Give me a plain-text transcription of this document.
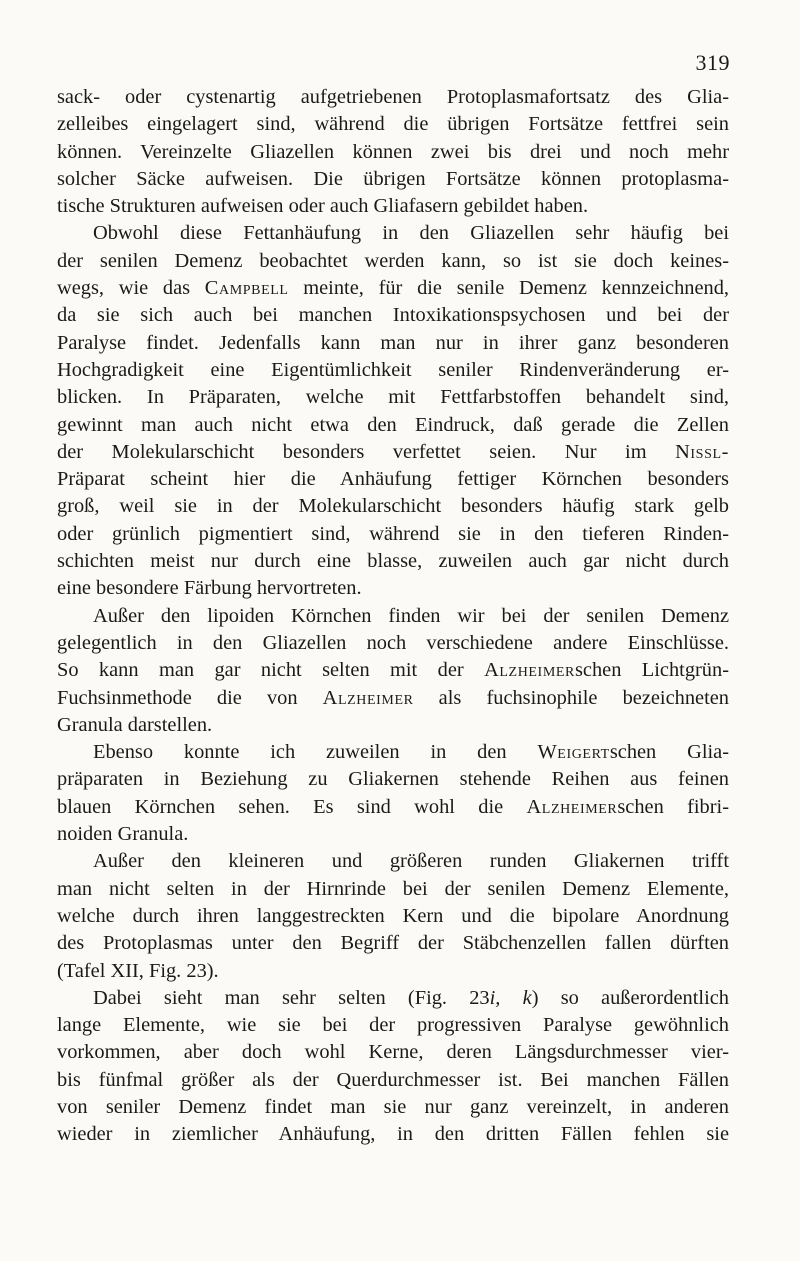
319
sack- oder cystenartig aufgetriebenen Protoplasmafortsatz des Glia-
zelleibes eingelagert sind, während die übrigen Fortsätze fettfrei sein
können. Vereinzelte Gliazellen können zwei bis drei und noch mehr
solcher Säcke aufweisen. Die übrigen Fortsätze können protoplasma-
tische Strukturen aufweisen oder auch Gliafasern gebildet haben.
Obwohl diese Fettanhäufung in den Gliazellen sehr häufig bei
der senilen Demenz beobachtet werden kann, so ist sie doch keines-
wegs, wie das Campbell meinte, für die senile Demenz kennzeichnend,
da sie sich auch bei manchen Intoxikationspsychosen und bei der
Paralyse findet. Jedenfalls kann man nur in ihrer ganz besonderen
Hochgradigkeit eine Eigentümlichkeit seniler Rindenveränderung er-
blicken. In Präparaten, welche mit Fettfarbstoffen behandelt sind,
gewinnt man auch nicht etwa den Eindruck, daß gerade die Zellen
der Molekularschicht besonders verfettet seien. Nur im Nissl-
Präparat scheint hier die Anhäufung fettiger Körnchen besonders
groß, weil sie in der Molekularschicht besonders häufig stark gelb
oder grünlich pigmentiert sind, während sie in den tieferen Rinden-
schichten meist nur durch eine blasse, zuweilen auch gar nicht durch
eine besondere Färbung hervortreten.
Außer den lipoiden Körnchen finden wir bei der senilen Demenz
gelegentlich in den Gliazellen noch verschiedene andere Einschlüsse.
So kann man gar nicht selten mit der Alzheimerschen Lichtgrün-
Fuchsinmethode die von Alzheimer als fuchsinophile bezeichneten
Granula darstellen.
Ebenso konnte ich zuweilen in den Weigertschen Glia-
präparaten in Beziehung zu Gliakernen stehende Reihen aus feinen
blauen Körnchen sehen. Es sind wohl die Alzheimerschen fibri-
noiden Granula.
Außer den kleineren und größeren runden Gliakernen trifft
man nicht selten in der Hirnrinde bei der senilen Demenz Elemente,
welche durch ihren langgestreckten Kern und die bipolare Anordnung
des Protoplasmas unter den Begriff der Stäbchenzellen fallen dürften
(Tafel XII, Fig. 23).
Dabei sieht man sehr selten (Fig. 23i, k) so außerordentlich
lange Elemente, wie sie bei der progressiven Paralyse gewöhnlich
vorkommen, aber doch wohl Kerne, deren Längsdurchmesser vier-
bis fünfmal größer als der Querdurchmesser ist. Bei manchen Fällen
von seniler Demenz findet man sie nur ganz vereinzelt, in anderen
wieder in ziemlicher Anhäufung, in den dritten Fällen fehlen sie
